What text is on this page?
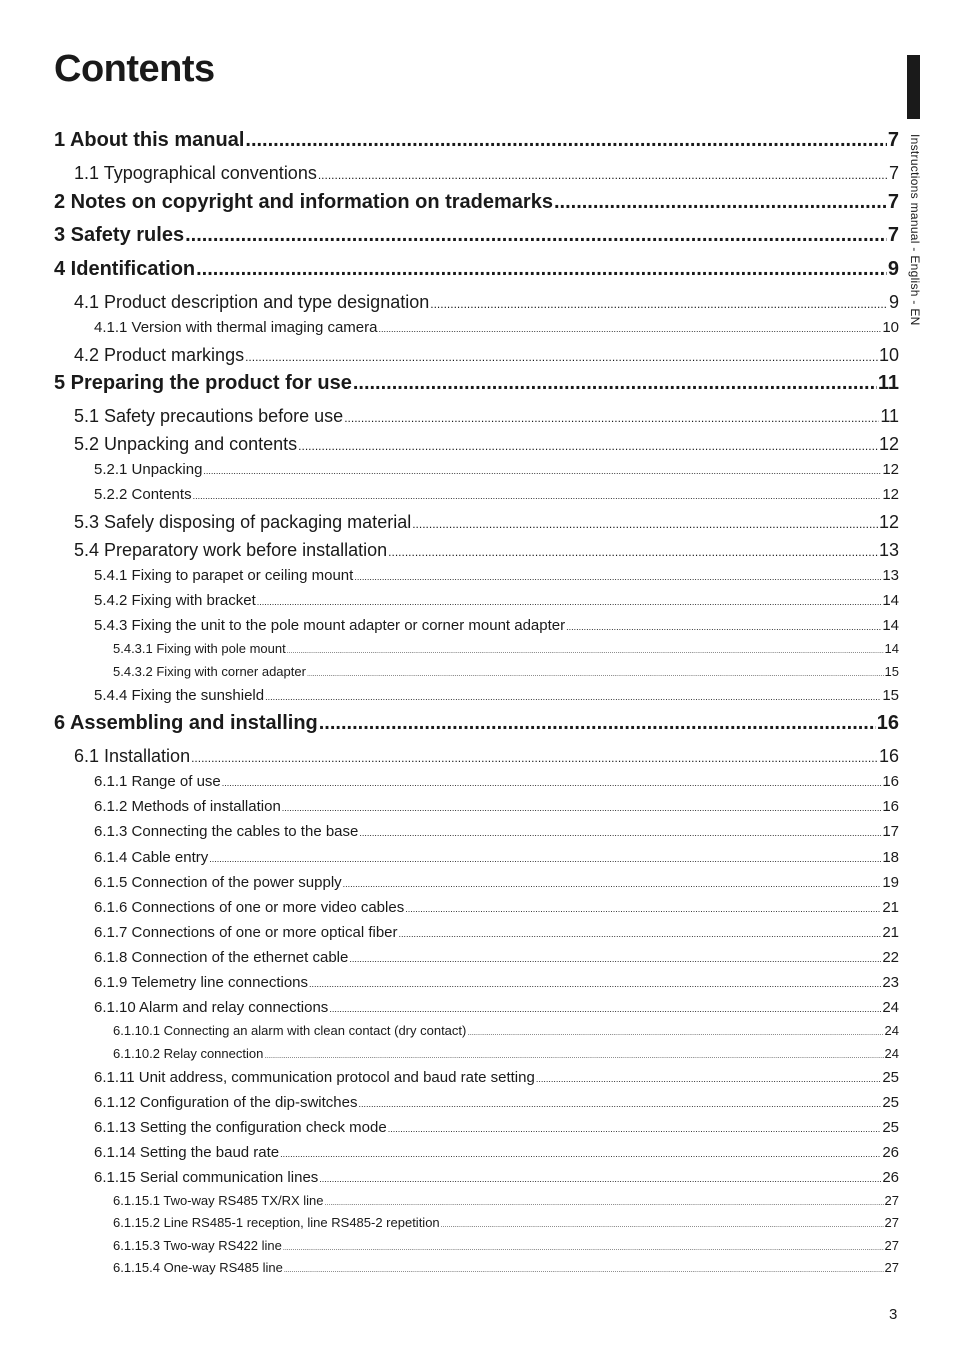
Contents
Instructions manual - English - EN
1 About this manual .....	7
1.1 Typographical conventions .....	7
2 Notes on copyright and information on trademarks .....	7
3 Safety rules .....	7
4 Identification .....	9
4.1 Product description and type designation .....	9
4.1.1 Version with thermal imaging camera .....	10
4.2 Product markings .....	10
5 Preparing the product for use .....	11
5.1 Safety precautions before use .....	11
5.2 Unpacking and contents .....	12
5.2.1 Unpacking .....	12
5.2.2 Contents .....	12
5.3 Safely disposing of packaging material .....	12
5.4 Preparatory work before installation .....	13
5.4.1 Fixing to parapet or ceiling mount .....	13
5.4.2 Fixing with bracket .....	14
5.4.3 Fixing the unit to the pole mount adapter or corner mount adapter .....	14
5.4.3.1 Fixing with pole mount .....	14
5.4.3.2 Fixing with corner adapter .....	15
5.4.4 Fixing the sunshield .....	15
6 Assembling and installing .....	16
6.1 Installation .....	16
6.1.1 Range of use .....	16
6.1.2 Methods of installation .....	16
6.1.3 Connecting the cables to the base .....	17
6.1.4 Cable entry .....	18
6.1.5 Connection of the power supply .....	19
6.1.6 Connections of one or more video cables .....	21
6.1.7 Connections of one or more optical fiber .....	21
6.1.8 Connection of the ethernet cable .....	22
6.1.9 Telemetry line connections .....	23
6.1.10 Alarm and relay connections .....	24
6.1.10.1 Connecting an alarm with clean contact (dry contact) .....	24
6.1.10.2 Relay connection .....	24
6.1.11 Unit address, communication protocol and baud rate setting .....	25
6.1.12 Configuration of the dip-switches .....	25
6.1.13 Setting the configuration check mode .....	25
6.1.14 Setting the baud rate .....	26
6.1.15 Serial communication lines .....	26
6.1.15.1 Two-way RS485 TX/RX line .....	27
6.1.15.2 Line RS485-1 reception, line RS485-2 repetition .....	27
6.1.15.3 Two-way RS422 line .....	27
6.1.15.4 One-way RS485 line .....	27
3
